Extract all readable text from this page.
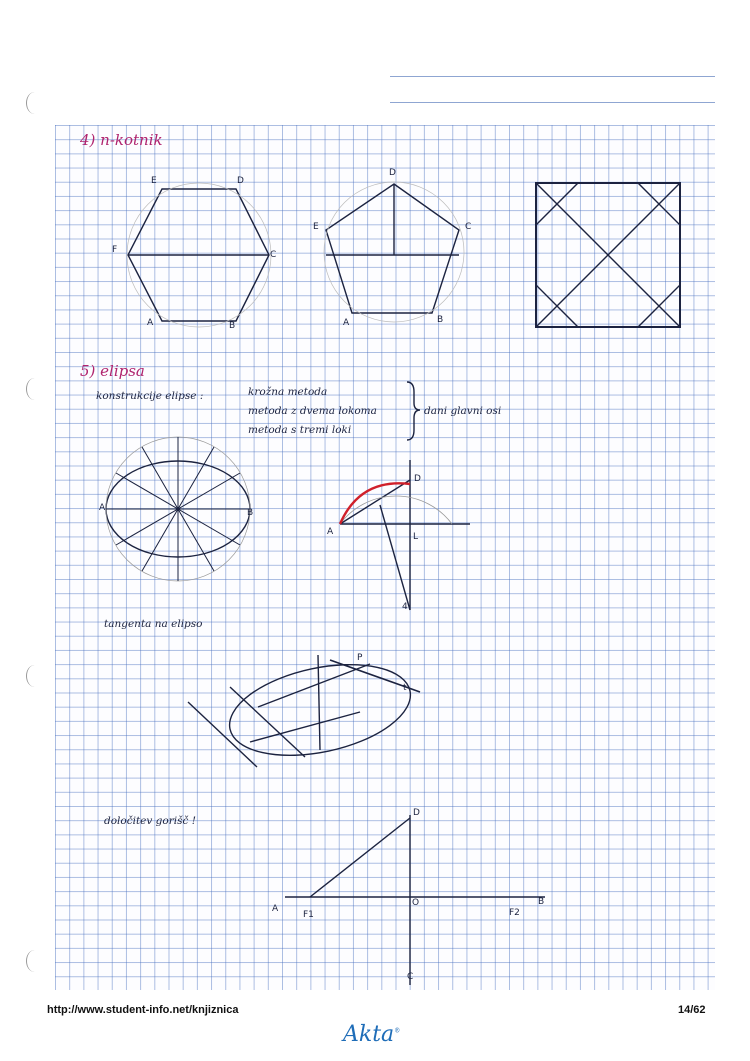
4) n-kotnik
5) elipsa
konstrukcije elipse :	krožna metoda
metoda z dvema lokoma
metoda s tremi loki
dani glavni osi
tangenta na elipso
določitev gorišč !
E	D
F	C
A	B
D
E	C
A	B
A	B
D
A	L
4
P
t
D
A
F1
O
F2
B
C
http://www.student-info.net/knjiznica	14/62
Akta®
